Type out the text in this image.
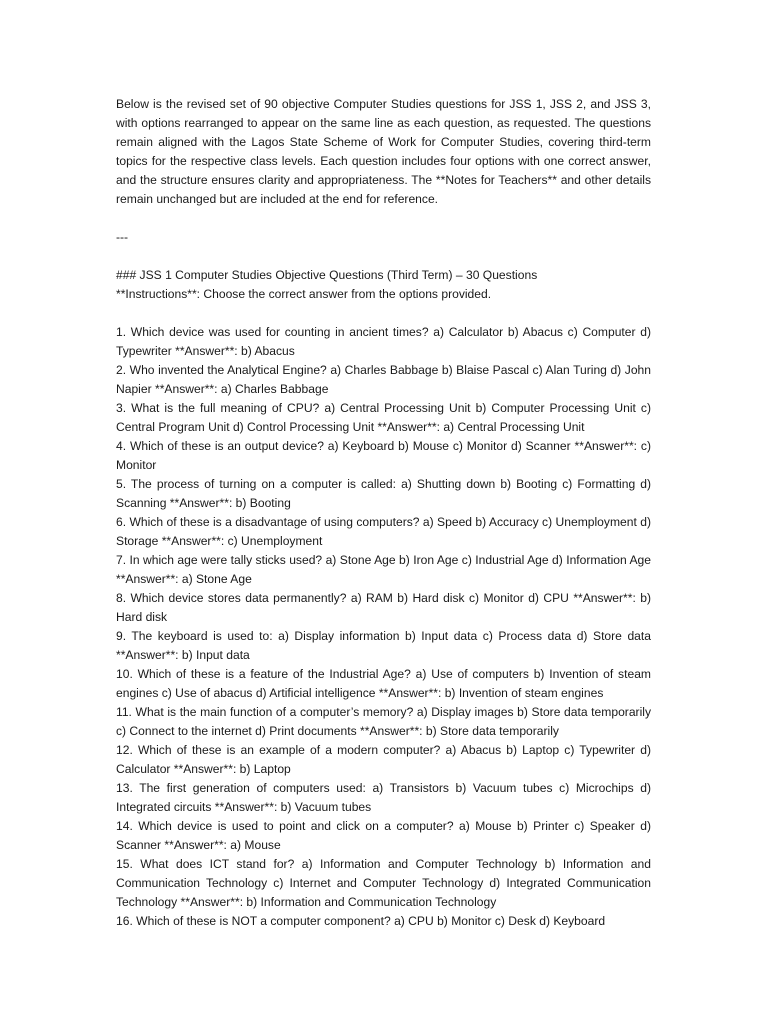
Below is the revised set of 90 objective Computer Studies questions for JSS 1, JSS 2, and JSS 3, with options rearranged to appear on the same line as each question, as requested. The questions remain aligned with the Lagos State Scheme of Work for Computer Studies, covering third-term topics for the respective class levels. Each question includes four options with one correct answer, and the structure ensures clarity and appropriateness. The **Notes for Teachers** and other details remain unchanged but are included at the end for reference.

---

### JSS 1 Computer Studies Objective Questions (Third Term) – 30 Questions

**Instructions**: Choose the correct answer from the options provided.

1. Which device was used for counting in ancient times? a) Calculator b) Abacus c) Computer d) Typewriter **Answer**: b) Abacus

2. Who invented the Analytical Engine? a) Charles Babbage b) Blaise Pascal c) Alan Turing d) John Napier **Answer**: a) Charles Babbage

3. What is the full meaning of CPU? a) Central Processing Unit b) Computer Processing Unit c) Central Program Unit d) Control Processing Unit **Answer**: a) Central Processing Unit

4. Which of these is an output device? a) Keyboard b) Mouse c) Monitor d) Scanner **Answer**: c) Monitor

5. The process of turning on a computer is called: a) Shutting down b) Booting c) Formatting d) Scanning **Answer**: b) Booting

6. Which of these is a disadvantage of using computers? a) Speed b) Accuracy c) Unemployment d) Storage **Answer**: c) Unemployment

7. In which age were tally sticks used? a) Stone Age b) Iron Age c) Industrial Age d) Information Age **Answer**: a) Stone Age

8. Which device stores data permanently? a) RAM b) Hard disk c) Monitor d) CPU **Answer**: b) Hard disk

9. The keyboard is used to: a) Display information b) Input data c) Process data d) Store data **Answer**: b) Input data

10. Which of these is a feature of the Industrial Age? a) Use of computers b) Invention of steam engines c) Use of abacus d) Artificial intelligence **Answer**: b) Invention of steam engines

11. What is the main function of a computer’s memory? a) Display images b) Store data temporarily c) Connect to the internet d) Print documents **Answer**: b) Store data temporarily

12. Which of these is an example of a modern computer? a) Abacus b) Laptop c) Typewriter d) Calculator **Answer**: b) Laptop

13. The first generation of computers used: a) Transistors b) Vacuum tubes c) Microchips d) Integrated circuits **Answer**: b) Vacuum tubes

14. Which device is used to point and click on a computer? a) Mouse b) Printer c) Speaker d) Scanner **Answer**: a) Mouse

15. What does ICT stand for? a) Information and Computer Technology b) Information and Communication Technology c) Internet and Computer Technology d) Integrated Communication Technology **Answer**: b) Information and Communication Technology

16. Which of these is NOT a computer component? a) CPU b) Monitor c) Desk d) Keyboard
